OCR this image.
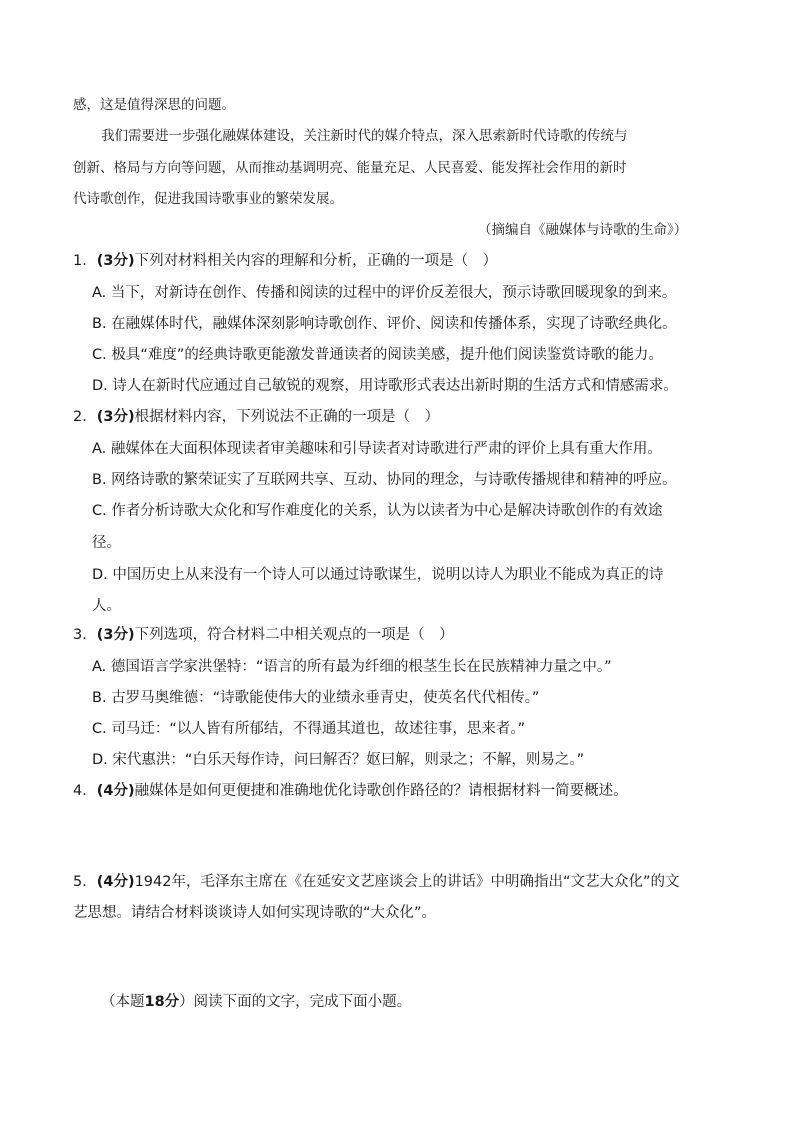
感，这是值得深思的问题。
我们需要进一步强化融媒体建设，关注新时代的媒介特点，深入思索新时代诗歌的传统与
创新、格局与方向等问题，从而推动基调明亮、能量充足、人民喜爱、能发挥社会作用的新时
代诗歌创作，促进我国诗歌事业的繁荣发展。
（摘编自《融媒体与诗歌的生命》）
1．(3分)下列对材料相关内容的理解和分析，正确的一项是（　）
A. 当下，对新诗在创作、传播和阅读的过程中的评价反差很大，预示诗歌回暖现象的到来。
B. 在融媒体时代，融媒体深刻影响诗歌创作、评价、阅读和传播体系，实现了诗歌经典化。
C. 极具“难度”的经典诗歌更能激发普通读者的阅读美感，提升他们阅读鉴赏诗歌的能力。
D. 诗人在新时代应通过自己敏锐的观察，用诗歌形式表达出新时期的生活方式和情感需求。
2．(3分)根据材料内容，下列说法不正确的一项是（　）
A. 融媒体在大面积体现读者审美趣味和引导读者对诗歌进行严肃的评价上具有重大作用。
B. 网络诗歌的繁荣证实了互联网共享、互动、协同的理念，与诗歌传播规律和精神的呼应。
C. 作者分析诗歌大众化和写作难度化的关系，认为以读者为中心是解决诗歌创作的有效途
径。
D. 中国历史上从来没有一个诗人可以通过诗歌谋生，说明以诗人为职业不能成为真正的诗
人。
3．(3分)下列选项，符合材料二中相关观点的一项是（　）
A. 德国语言学家洪堡特：“语言的所有最为纤细的根茎生长在民族精神力量之中。”
B. 古罗马奥维德：“诗歌能使伟大的业绩永垂青史，使英名代代相传。”
C. 司马迁：“以人皆有所郁结，不得通其道也，故述往事，思来者。”
D. 宋代惠洪：“白乐天每作诗，问曰解否？妪曰解，则录之；不解，则易之。”
4．(4分)融媒体是如何更便捷和准确地优化诗歌创作路径的？请根据材料一简要概述。
5．(4分)1942年，毛泽东主席在《在延安文艺座谈会上的讲话》中明确指出“文艺大众化”的文
艺思想。请结合材料谈谈诗人如何实现诗歌的“大众化”。
（本题18分）阅读下面的文字，完成下面小题。
